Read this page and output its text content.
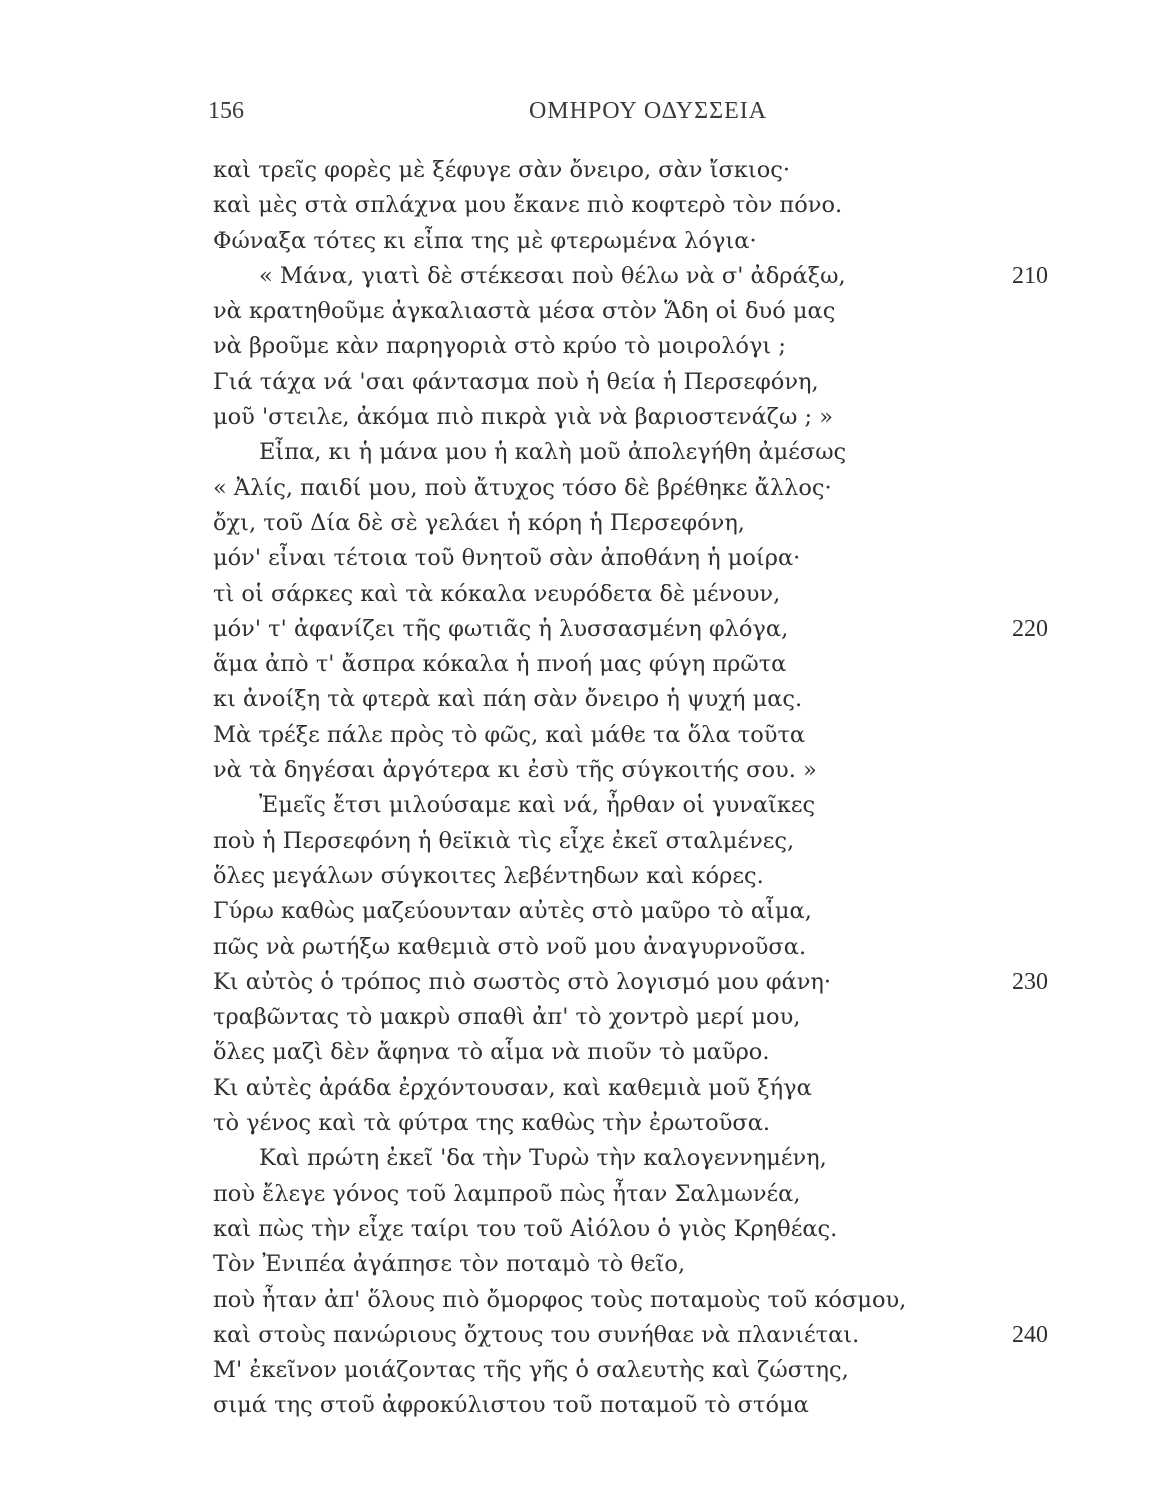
156	ΟΜΗΡΟΥ ΟΔΥΣΣΕΙΑ
καὶ τρεῖς φορὲς μὲ ξέφυγε σὰν ὄνειρο, σὰν ἴσκιος·
καὶ μὲς στὰ σπλάχνα μου ἔκανε πιὸ κοφτερὸ τὸν πόνο.
Φώναξα τότες κι εἶπα της μὲ φτερωμένα λόγια·
« Μάνα, γιατὶ δὲ στέκεσαι ποὺ θέλω νὰ σ' ἀδράξω,	210
νὰ κρατηθοῦμε ἀγκαλιαστὰ μέσα στὸν Ἅδη οἱ δυό μας
νὰ βροῦμε κὰν παρηγοριὰ στὸ κρύο τὸ μοιρολόγι ;
Γιά τάχα νά 'σαι φάντασμα ποὺ ἡ θεία ἡ Περσεφόνη,
μοῦ 'στειλε, ἀκόμα πιὸ πικρὰ γιὰ νὰ βαριοστενάζω ; »
Εἶπα, κι ἡ μάνα μου ἡ καλὴ μοῦ ἀπολεγήθη ἀμέσως
« Ἀλίς, παιδί μου, ποὺ ἄτυχος τόσο δὲ βρέθηκε ἄλλος·
ὄχι, τοῦ Δία δὲ σὲ γελάει ἡ κόρη ἡ Περσεφόνη,
μόν' εἶναι τέτοια τοῦ θνητοῦ σὰν ἀποθάνη ἡ μοίρα·
τὶ οἱ σάρκες καὶ τὰ κόκαλα νευρόδετα δὲ μένουν,
μόν' τ' ἀφανίζει τῆς φωτιᾶς ἡ λυσσασμένη φλόγα,	220
ἅμα ἀπὸ τ' ἄσπρα κόκαλα ἡ πνοή μας φύγη πρῶτα
κι ἀνοίξη τὰ φτερὰ καὶ πάη σὰν ὄνειρο ἡ ψυχή μας.
Μὰ τρέξε πάλε πρὸς τὸ φῶς, καὶ μάθε τα ὅλα τοῦτα
νὰ τὰ δηγέσαι ἀργότερα κι ἐσὺ τῆς σύγκοιτής σου. »
Ἐμεῖς ἔτσι μιλούσαμε καὶ νά, ἦρθαν οἱ γυναῖκες
ποὺ ἡ Περσεφόνη ἡ θεϊκιὰ τὶς εἶχε ἐκεῖ σταλμένες,
ὅλες μεγάλων σύγκοιτες λεβέντηδων καὶ κόρες.
Γύρω καθὼς μαζεύουνταν αὐτὲς στὸ μαῦρο τὸ αἷμα,
πῶς νὰ ρωτήξω καθεμιὰ στὸ νοῦ μου ἀναγυρνοῦσα.
Κι αὐτὸς ὁ τρόπος πιὸ σωστὸς στὸ λογισμό μου φάνη·	230
τραβῶντας τὸ μακρὺ σπαθὶ ἀπ' τὸ χοντρὸ μερί μου,
ὅλες μαζὶ δὲν ἄφηνα τὸ αἷμα νὰ πιοῦν τὸ μαῦρο.
Κι αὐτὲς ἀράδα ἐρχόντουσαν, καὶ καθεμιὰ μοῦ ξήγα
τὸ γένος καὶ τὰ φύτρα της καθὼς τὴν ἐρωτοῦσα.
Καὶ πρώτη ἐκεῖ 'δα τὴν Τυρὼ τὴν καλογεννημένη,
ποὺ ἔλεγε γόνος τοῦ λαμπροῦ πὼς ἦταν Σαλμωνέα,
καὶ πὼς τὴν εἶχε ταίρι του τοῦ Αἰόλου ὁ γιὸς Κρηθέας.
Τὸν Ἐνιπέα ἀγάπησε τὸν ποταμὸ τὸ θεῖο,
ποὺ ἦταν ἀπ' ὅλους πιὸ ὄμορφος τοὺς ποταμοὺς τοῦ κόσμου,
καὶ στοὺς πανώριους ὄχτους του συνήθαε νὰ πλανιέται.	240
Μ' ἐκεῖνον μοιάζοντας τῆς γῆς ὁ σαλευτὴς καὶ ζώστης,
σιμά της στοῦ ἀφροκύλιστου τοῦ ποταμοῦ τὸ στόμα
